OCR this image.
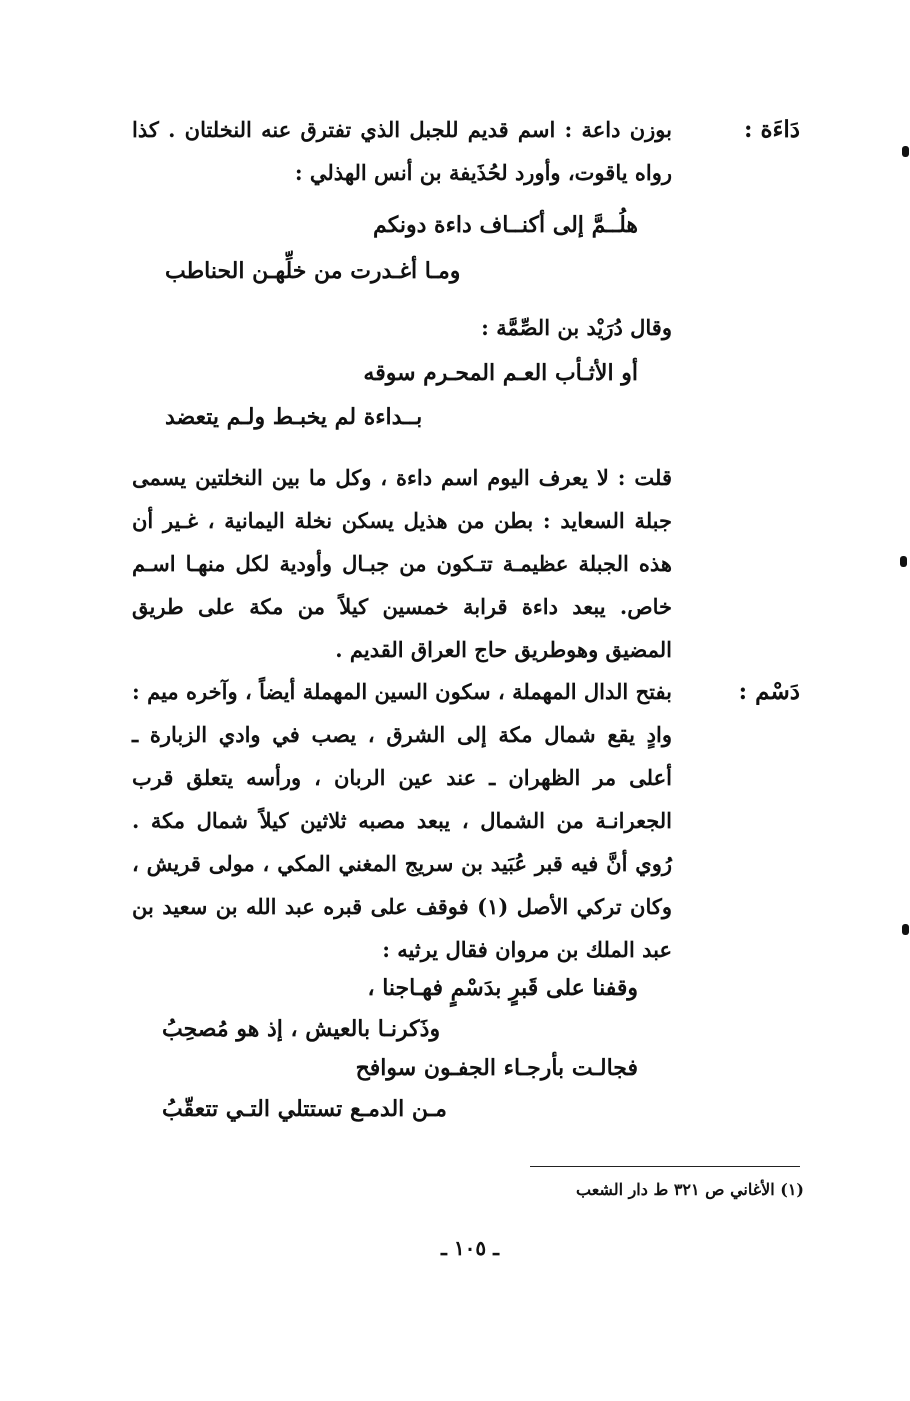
دَاءَة :
بوزن داعة : اسم قديم للجبل الذي تفترق عنه النخلتان . كذا رواه ياقوت، وأورد لحُذَيفة بن أنس الهذلي :
هلُــمَّ إلى أكنــاف داءة دونكم
ومـا أغـدرت من خلِّهـن الحناطب
وقال دُرَيْد بن الصِّمَّة :
أو الأثـأب العـم المحـرم سوقه
بــداءة لم يخبـط ولـم يتعضد
قلت : لا يعرف اليوم اسم داءة ، وكل ما بين النخلتين يسمى جبلة السعايد : بطن من هذيل يسكن نخلة اليمانية ، غـير أن هذه الجبلة عظيمـة تتـكون من جبـال وأودية لكل منهـا اسـم خاص. يبعد داءة قرابة خمسين كيلاً من مكة على طريق المضيق وهوطريق حاج العراق القديم .
دَسْم :
بفتح الدال المهملة ، سكون السين المهملة أيضاً ، وآخره ميم : وادٍ يقع شمال مكة إلى الشرق ، يصب في وادي الزبارة ـ أعلى مر الظهران ـ عند عين الربان ، ورأسه يتعلق قرب الجعرانـة من الشمال ، يبعد مصبه ثلاثين كيلاً شمال مكة . رُوي أنَّ فيه قبر عُبَيد بن سريج المغني المكي ، مولى قريش ، وكان تركي الأصل (١) فوقف على قبره عبد الله بن سعيد بن عبد الملك بن مروان فقال يرثيه :
وقفنا على قَبرٍ بدَسْمٍ فهـاجنا ،
وذَكرنـا بالعيش ، إذ هو مُصحِبُ
فجالـت بأرجـاء الجفـون سوافح
مـن الدمـع تستتلي التـي تتعقّبُ
(١) الأغاني ص ٣٢١ ط دار الشعب
ـ ١٠٥ ـ
